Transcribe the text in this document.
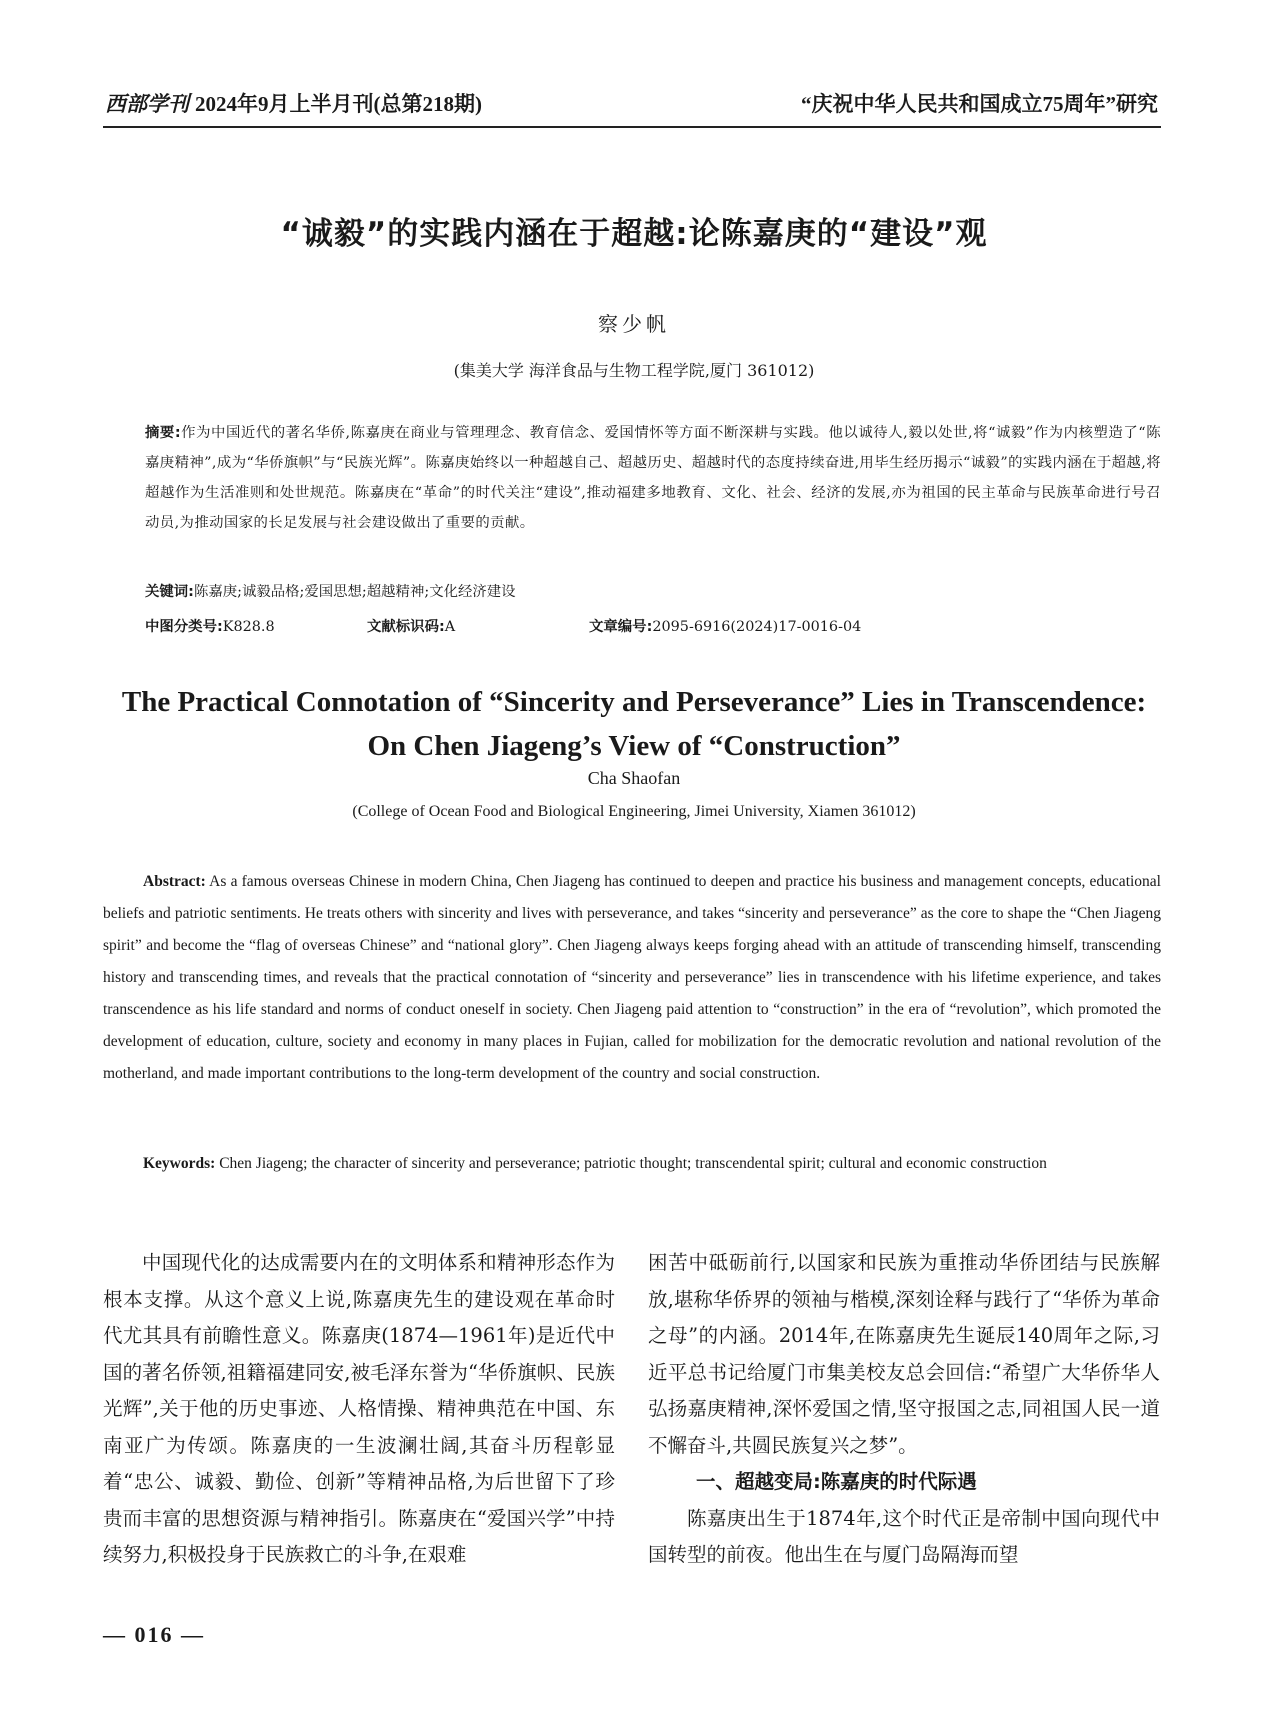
西部学刊 2024年9月上半月刊(总第218期)	“庆祝中华人民共和国成立75周年”研究
“诚毅”的实践内涵在于超越:论陈嘉庚的“建设”观
察少帆
(集美大学 海洋食品与生物工程学院,厦门 361012)
摘要:作为中国近代的著名华侨,陈嘉庚在商业与管理理念、教育信念、爱国情怀等方面不断深耕与实践。他以诚待人,毅以处世,将“诚毅”作为内核塑造了“陈嘉庚精神”,成为“华侨旗帜”与“民族光辉”。陈嘉庚始终以一种超越自己、超越历史、超越时代的态度持续奋进,用毕生经历揭示“诚毅”的实践内涵在于超越,将超越作为生活准则和处世规范。陈嘉庚在“革命”的时代关注“建设”,推动福建多地教育、文化、社会、经济的发展,亦为祖国的民主革命与民族革命进行号召动员,为推动国家的长足发展与社会建设做出了重要的贡献。
关键词:陈嘉庚;诚毅品格;爱国思想;超越精神;文化经济建设
中图分类号:K828.8	文献标识码:A	文章编号:2095-6916(2024)17-0016-04
The Practical Connotation of “Sincerity and Perseverance” Lies in Transcendence:
On Chen Jiageng’s View of “Construction”
Cha Shaofan
(College of Ocean Food and Biological Engineering, Jimei University, Xiamen 361012)
Abstract: As a famous overseas Chinese in modern China, Chen Jiageng has continued to deepen and practice his business and management concepts, educational beliefs and patriotic sentiments. He treats others with sincerity and lives with perseverance, and takes “sincerity and perseverance” as the core to shape the “Chen Jiageng spirit” and become the “flag of overseas Chinese” and “national glory”. Chen Jiageng always keeps forging ahead with an attitude of transcending himself, transcending history and transcending times, and reveals that the practical connotation of “sincerity and perseverance” lies in transcendence with his lifetime experience, and takes transcendence as his life standard and norms of conduct oneself in society. Chen Jiageng paid attention to “construction” in the era of “revolution”, which promoted the development of education, culture, society and economy in many places in Fujian, called for mobilization for the democratic revolution and national revolution of the motherland, and made important contributions to the long-term development of the country and social construction.
Keywords: Chen Jiageng; the character of sincerity and perseverance; patriotic thought; transcendental spirit; cultural and economic construction

中国现代化的达成需要内在的文明体系和精神形态作为根本支撑。从这个意义上说,陈嘉庚先生的建设观在革命时代尤其具有前瞻性意义。陈嘉庚(1874—1961年)是近代中国的著名侨领,祖籍福建同安,被毛泽东誉为“华侨旗帜、民族光辉”,关于他的历史事迹、人格情操、精神典范在中国、东南亚广为传颂。陈嘉庚的一生波澜壮阔,其奋斗历程彰显着“忠公、诚毅、勤俭、创新”等精神品格,为后世留下了珍贵而丰富的思想资源与精神指引。陈嘉庚在“爱国兴学”中持续努力,积极投身于民族救亡的斗争,在艰难

困苦中砥砺前行,以国家和民族为重推动华侨团结与民族解放,堪称华侨界的领袖与楷模,深刻诠释与践行了“华侨为革命之母”的内涵。2014年,在陈嘉庚先生诞辰140周年之际,习近平总书记给厦门市集美校友总会回信:“希望广大华侨华人弘扬嘉庚精神,深怀爱国之情,坚守报国之志,同祖国人民一道不懈奋斗,共圆民族复兴之梦”。

一、超越变局:陈嘉庚的时代际遇

陈嘉庚出生于1874年,这个时代正是帝制中国向现代中国转型的前夜。他出生在与厦门岛隔海而望

— 016 —
